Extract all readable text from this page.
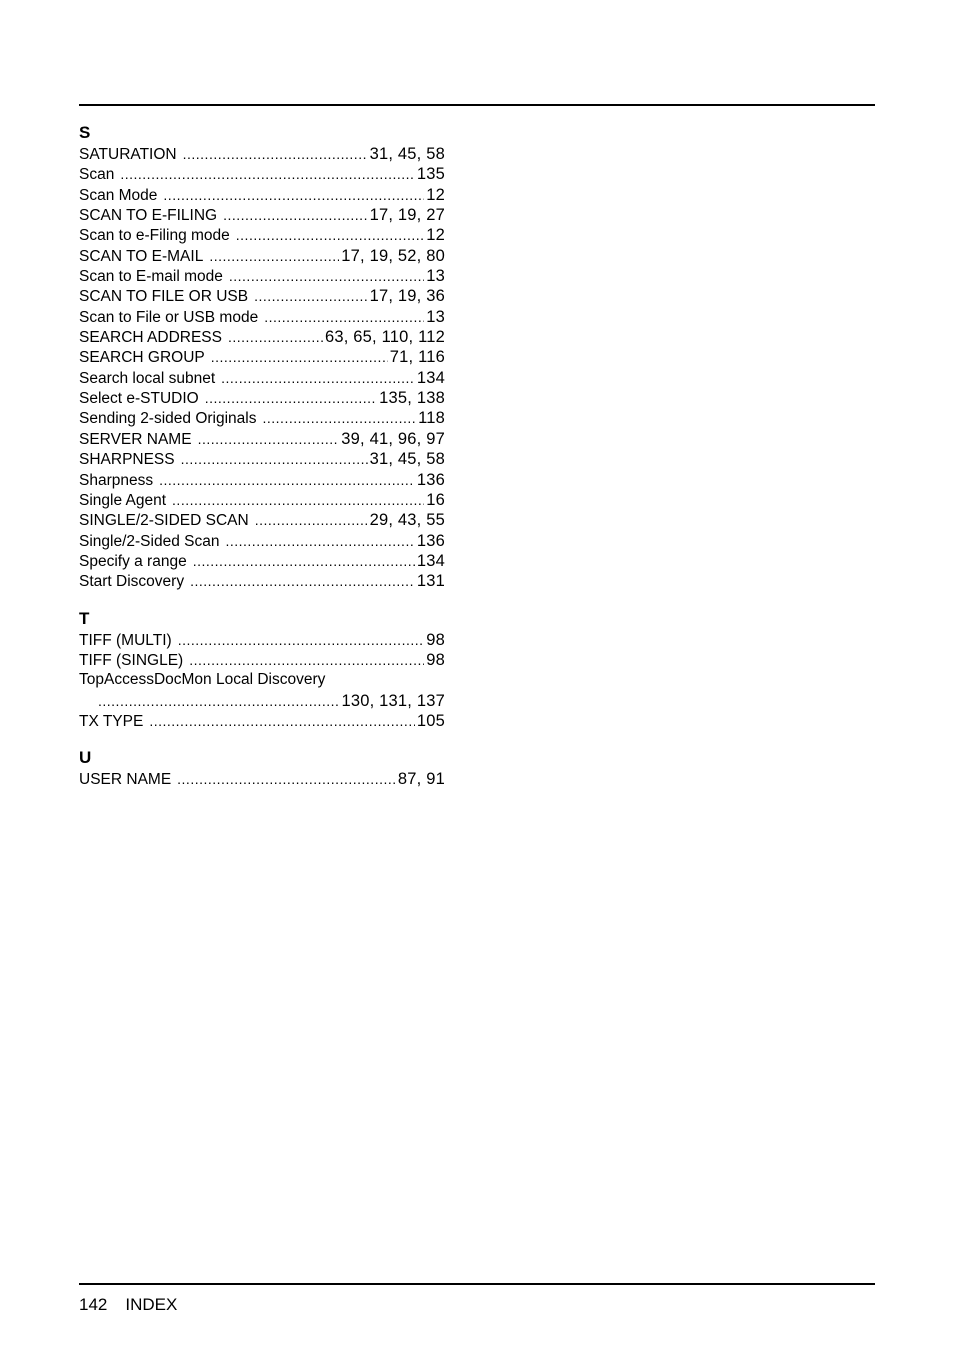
S
SATURATION .....	31, 45, 58
Scan .....	135
Scan Mode .....	12
SCAN TO E-FILING .....	17, 19, 27
Scan to e-Filing mode .....	12
SCAN TO E-MAIL .....	17, 19, 52, 80
Scan to E-mail mode .....	13
SCAN TO FILE OR USB .....	17, 19, 36
Scan to File or USB mode .....	13
SEARCH ADDRESS .....	63, 65, 110, 112
SEARCH GROUP .....	71, 116
Search local subnet .....	134
Select e-STUDIO .....	135, 138
Sending 2-sided Originals .....	118
SERVER NAME .....	39, 41, 96, 97
SHARPNESS .....	31, 45, 58
Sharpness .....	136
Single Agent .....	16
SINGLE/2-SIDED SCAN .....	29, 43, 55
Single/2-Sided Scan .....	136
Specify a range .....	134
Start Discovery .....	131
T
TIFF (MULTI) .....	98
TIFF (SINGLE) .....	98
TopAccessDocMon Local Discovery
.....
130, 131, 137
TX TYPE .....	105
U
USER NAME .....	87, 91
142 INDEX
